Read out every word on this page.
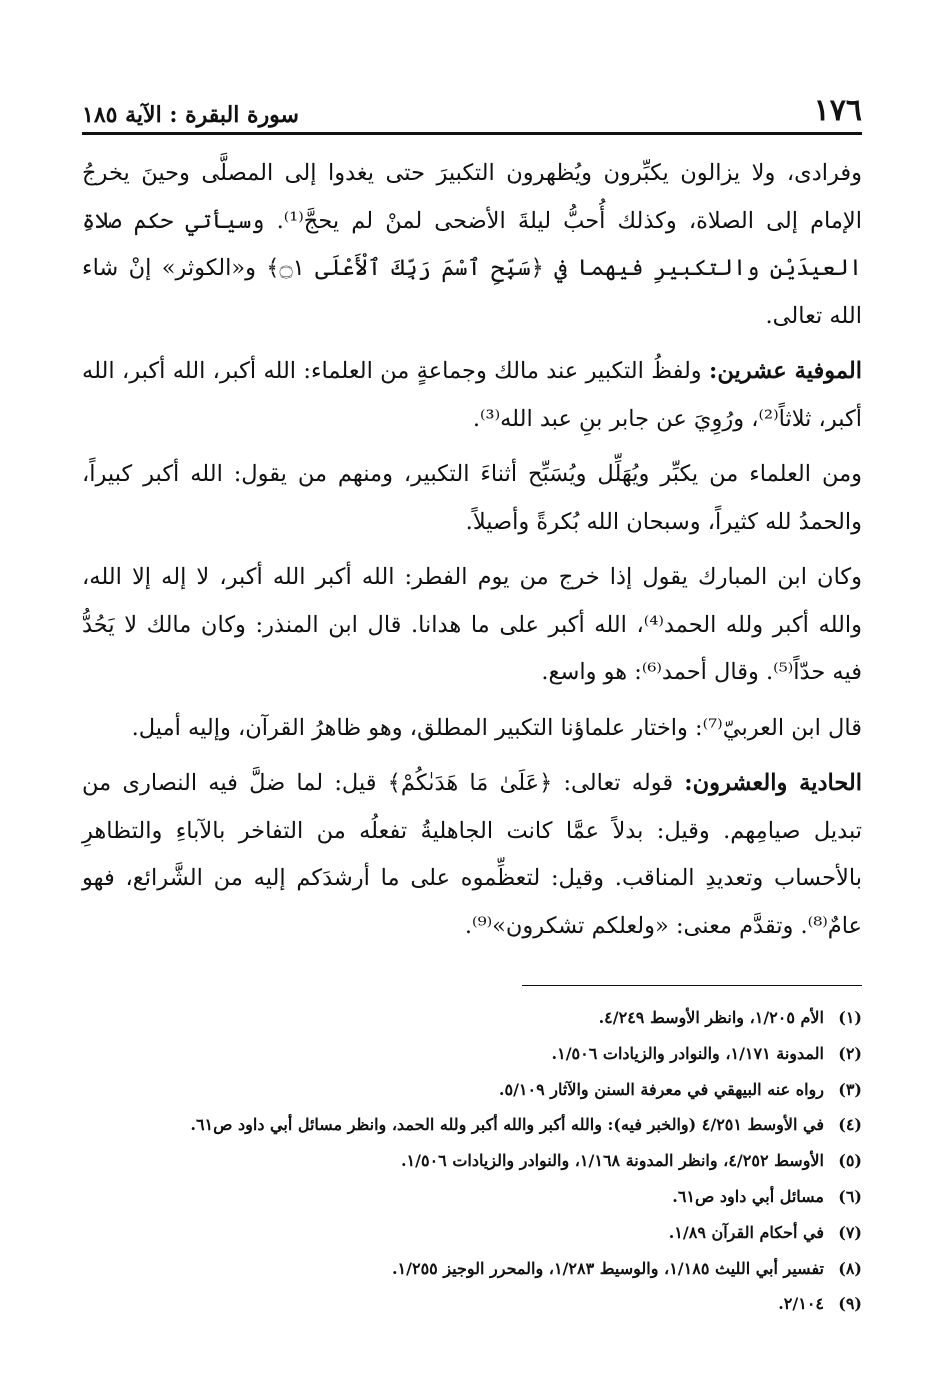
١٧٦
سورة البقرة : الآية ١٨٥

وفرادى، ولا يزالون يكبِّرون ويُظهرون التكبيرَ حتى يغدوا إلى المصلَّى وحينَ يخرجُ الإمام إلى الصلاة، وكذلك أُحبُّ ليلةَ الأضحى لمنْ لم يحجَّ⁽¹⁾. وسيأتي حكم صلاةِ العيدَيْن والتكبيرِ فيهما في ﴿سَبِّحِ ٱسْمَ رَبِّكَ ٱلْأَعْلَى ۝١﴾ و«الكوثر» إنْ شاء الله تعالى.

الموفية عشرين: ولفظُ التكبير عند مالك وجماعةٍ من العلماء: الله أكبر، الله أكبر، الله أكبر، ثلاثاً⁽²⁾، ورُوِيَ عن جابر بنِ عبد الله⁽³⁾.

ومن العلماء من يكبِّر ويُهَلِّل ويُسَبِّح أثناءَ التكبير، ومنهم من يقول: الله أكبر كبيراً، والحمدُ لله كثيراً، وسبحان الله بُكرةً وأصيلاً.

وكان ابن المبارك يقول إذا خرج من يوم الفطر: الله أكبر الله أكبر، لا إله إلا الله، والله أكبر ولله الحمد⁽⁴⁾، الله أكبر على ما هدانا. قال ابن المنذر: وكان مالك لا يَحُدُّ فيه حدّاً⁽⁵⁾. وقال أحمد⁽⁶⁾: هو واسع.

قال ابن العربيّ⁽⁷⁾: واختار علماؤنا التكبير المطلق، وهو ظاهرُ القرآن، وإليه أميل.

الحادية والعشرون: قوله تعالى: ﴿عَلَىٰ مَا هَدَىٰكُمْ﴾ قيل: لما ضلَّ فيه النصارى من تبديل صيامِهم. وقيل: بدلاً عمَّا كانت الجاهليةُ تفعلُه من التفاخر بالآباءِ والتظاهرِ بالأحساب وتعديدِ المناقب. وقيل: لتعظِّموه على ما أرشدَكم إليه من الشَّرائع، فهو عامٌ⁽⁸⁾. وتقدَّم معنى: «ولعلكم تشكرون»⁽⁹⁾.

(١)
الأم ١/٢٠٥، وانظر الأوسط ٤/٢٤٩.
(٢)
المدونة ١/١٧١، والنوادر والزيادات ١/٥٠٦.
(٣)
رواه عنه البيهقي في معرفة السنن والآثار ٥/١٠٩.
(٤)
في الأوسط ٤/٢٥١ (والخبر فيه): والله أكبر والله أكبر ولله الحمد، وانظر مسائل أبي داود ص٦١.
(٥)
الأوسط ٤/٢٥٢، وانظر المدونة ١/١٦٨، والنوادر والزيادات ١/٥٠٦.
(٦)
مسائل أبي داود ص٦١.
(٧)
في أحكام القرآن ١/٨٩.
(٨)
تفسير أبي الليث ١/١٨٥، والوسيط ١/٢٨٣، والمحرر الوجيز ١/٢٥٥.
(٩)
٢/١٠٤.
